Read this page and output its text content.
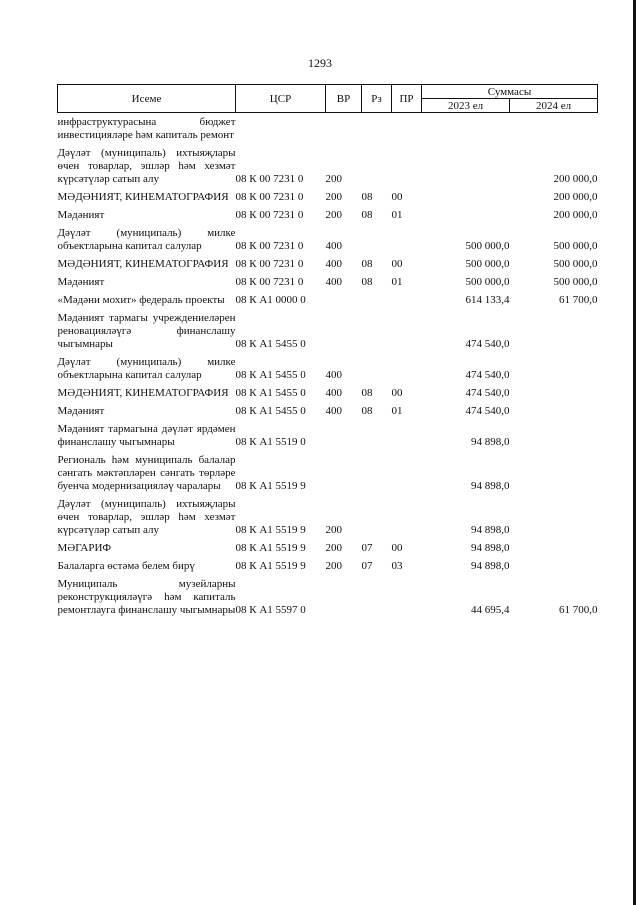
1293
Исеме	ЦСР	ВР	Рз	ПР	Суммасы	
					2023 ел	2024 ел
инфраструктурасына бюджет инвестицияләре һәм капиталь ремонт						
Дәүләт (муниципаль) ихтыяҗлары өчен товарлар, эшләр һәм хезмәт күрсәтүләр сатып алу	08 К 00 7231 0	200				200 000,0
МӘДӘНИЯТ, КИНЕМАТОГРАФИЯ	08 К 00 7231 0	200	08	00		200 000,0
Мәдәният	08 К 00 7231 0	200	08	01		200 000,0
Дәүләт (муниципаль) милке объектларына капитал салулар	08 К 00 7231 0	400			500 000,0	500 000,0
МӘДӘНИЯТ, КИНЕМАТОГРАФИЯ	08 К 00 7231 0	400	08	00	500 000,0	500 000,0
Мәдәният	08 К 00 7231 0	400	08	01	500 000,0	500 000,0
«Мәдәни мохит» федераль проекты	08 К А1 0000 0				614 133,4	61 700,0
Мәдәният тармагы учреждениеләрен реновацияләүгә финанслашу чыгымнары	08 К А1 5455 0				474 540,0	
Дәүләт (муниципаль) милке объектларына капитал салулар	08 К А1 5455 0	400			474 540,0	
МӘДӘНИЯТ, КИНЕМАТОГРАФИЯ	08 К А1 5455 0	400	08	00	474 540,0	
Мәдәният	08 К А1 5455 0	400	08	01	474 540,0	
Мәдәният тармагына дәүләт ярдәмен финанслашу чыгымнары	08 К А1 5519 0				94 898,0	
Региональ һәм муниципаль балалар сәнгать мәктәпләрен сәнгать төрләре буенча модернизацияләү чаралары	08 К А1 5519 9				94 898,0	
Дәүләт (муниципаль) ихтыяҗлары өчен товарлар, эшләр һәм хезмәт күрсәтүләр сатып алу	08 К А1 5519 9	200			94 898,0	
МӘГАРИФ	08 К А1 5519 9	200	07	00	94 898,0	
Балаларга өстәмә белем бирү	08 К А1 5519 9	200	07	03	94 898,0	
Муниципаль музейларны реконструкцияләүгә һәм капиталь ремонтлауга финанслашу чыгымнары	08 К А1 5597 0				44 695,4	61 700,0
